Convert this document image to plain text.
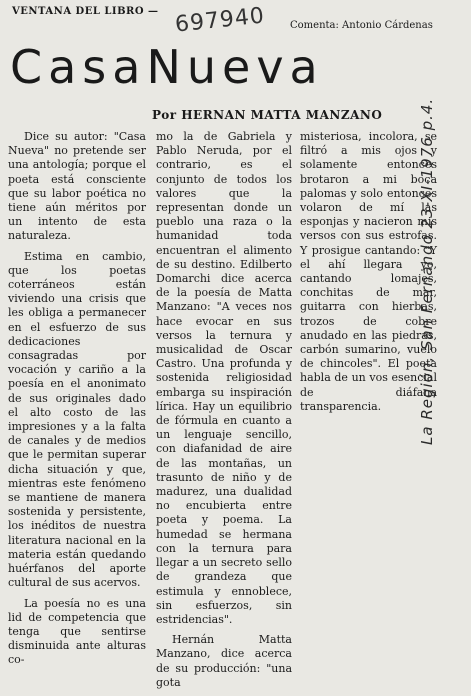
VENTANA DEL LIBRO — 697940 Comenta: Antonio Cárdenas
CasaNueva
Por HERNAN MATTA MANZANO

Dice su autor: "Casa Nueva" no pretende ser una antología; porque el poeta está consciente que su labor poética no tiene aún méritos por un intento de esta naturaleza.

Estima en cambio, que los poetas coterráneos están viviendo una crisis que les obliga a permanecer en el esfuerzo de sus dedicaciones consagradas por vocación y cariño a la poesía en el anonimato de sus originales dado el alto costo de las impresiones y a la falta de canales y de medios que le permitan superar dicha situación y que, mientras este fenómeno se mantiene de manera sostenida y persistente, los inéditos de nuestra literatura nacional en la materia están quedando huérfanos del aporte cultural de sus acervos.

La poesía no es una lid de competencia que tenga que sentirse disminuida ante alturas co-

mo la de Gabriela y Pablo Neruda, por el contrario, es el conjunto de todos los valores que la representan donde un pueblo una raza o la humanidad toda encuentran el alimento de su destino. Edilberto Domarchi dice acerca de la poesía de Matta Manzano: "A veces nos hace evocar en sus versos la ternura y musicalidad de Oscar Castro. Una profunda y sostenida religiosidad embarga su inspiración lírica. Hay un equilibrio de fórmula en cuanto a un lenguaje sencillo, con diafanidad de aire de las montañas, un trasunto de niño y de madurez, una dualidad no encubierta entre poeta y poema. La humedad se hermana con la ternura para llegar a un secreto sello de grandeza que estimula y ennoblece, sin esfuerzos, sin estridencias".

Hernán Matta Manzano, dice acerca de su producción: "una gota

misteriosa, incolora, se filtró a mis ojos y solamente entonces brotaron a mi boca palomas y solo entonces volaron de mí las esponjas y nacieron mis versos con sus estrofas. Y prosigue cantando: "Y el ahí llegara yo, cantando lomajes, conchitas de mar, guitarra con hierbas, trozos de cobre anudado en las piedras, carbón sumarino, vuelo de chincoles". El poeta habla de un vos esencial de diáfana transparencia.	La Región, San Fernando 23-XI-1976 p.4.
